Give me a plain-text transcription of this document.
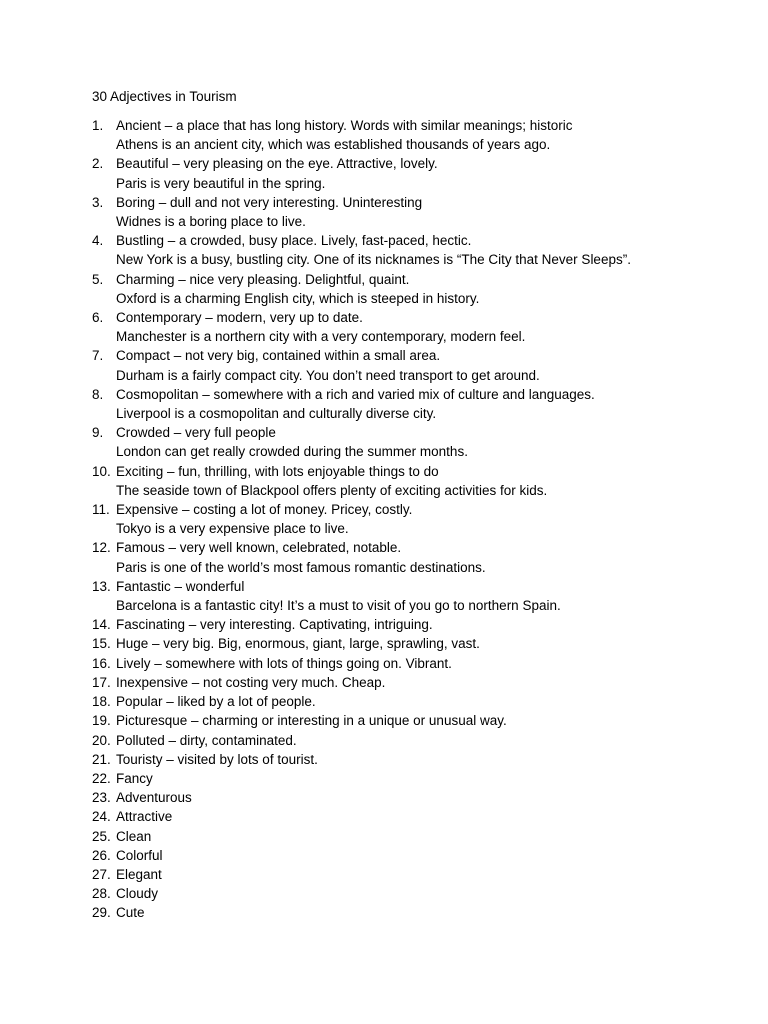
30 Adjectives in Tourism
1. Ancient – a place that has long history. Words with similar meanings; historic
Athens is an ancient city, which was established thousands of years ago.
2. Beautiful – very pleasing on the eye. Attractive, lovely.
Paris is very beautiful in the spring.
3. Boring – dull and not very interesting. Uninteresting
Widnes is a boring place to live.
4. Bustling – a crowded, busy place. Lively, fast-paced, hectic.
New York is a busy, bustling city. One of its nicknames is “The City that Never Sleeps”.
5. Charming – nice very pleasing. Delightful, quaint.
Oxford is a charming English city, which is steeped in history.
6. Contemporary – modern, very up to date.
Manchester is a northern city with a very contemporary, modern feel.
7. Compact – not very big, contained within a small area.
Durham is a fairly compact city. You don’t need transport to get around.
8. Cosmopolitan – somewhere with a rich and varied mix of culture and languages.
Liverpool is a cosmopolitan and culturally diverse city.
9. Crowded – very full people
London can get really crowded during the summer months.
10. Exciting – fun, thrilling, with lots enjoyable things to do
The seaside town of Blackpool offers plenty of exciting activities for kids.
11. Expensive – costing a lot of money. Pricey, costly.
Tokyo is a very expensive place to live.
12. Famous – very well known, celebrated, notable.
Paris is one of the world’s most famous romantic destinations.
13. Fantastic – wonderful
Barcelona is a fantastic city! It’s a must to visit of you go to northern Spain.
14. Fascinating – very interesting. Captivating, intriguing.
15. Huge – very big. Big, enormous, giant, large, sprawling, vast.
16. Lively – somewhere with lots of things going on. Vibrant.
17. Inexpensive – not costing very much. Cheap.
18. Popular – liked by a lot of people.
19. Picturesque – charming or interesting in a unique or unusual way.
20. Polluted – dirty, contaminated.
21. Touristy – visited by lots of tourist.
22. Fancy
23. Adventurous
24. Attractive
25. Clean
26. Colorful
27. Elegant
28. Cloudy
29. Cute
